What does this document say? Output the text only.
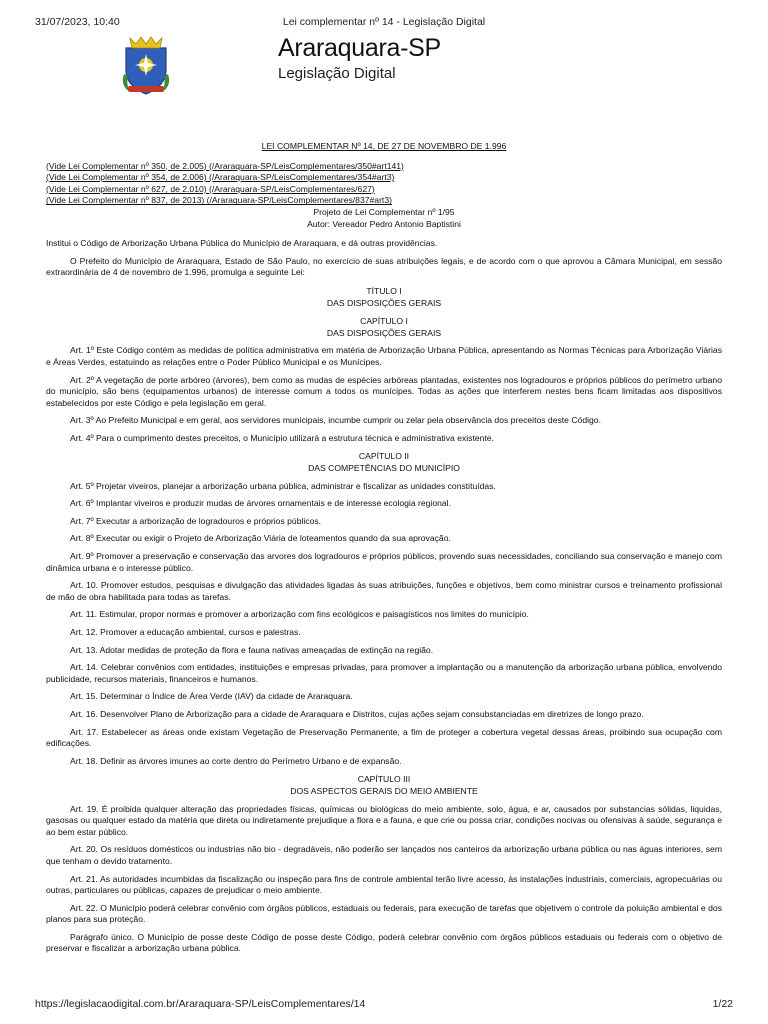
31/07/2023, 10:40	Lei complementar nº 14 - Legislação Digital
Araraquara-SP
Legislação Digital

LEI COMPLEMENTAR Nº 14, DE 27 DE NOVEMBRO DE 1.996

(Vide Lei Complementar nº 350, de 2.005) (/Araraquara-SP/LeisComplementares/350#art141)
(Vide Lei Complementar nº 354, de 2.006) (/Araraquara-SP/LeisComplementares/354#art3)
(Vide Lei Complementar nº 627, de 2.010) (/Araraquara-SP/LeisComplementares/627)
(Vide Lei Complementar nº 837, de 2013) (/Araraquara-SP/LeisComplementares/837#art3)

Projeto de Lei Complementar nº 1/95

Autor: Vereador Pedro Antonio Baptistini

Institui o Código de Arborização Urbana Pública do Município de Araraquara, e dá outras providências.

O Prefeito do Município de Araraquara, Estado de São Paulo, no exercício de suas atribuições legais, e de acordo com o que aprovou a Câmara Municipal, em sessão extraordinária de 4 de novembro de 1.996, promulga a seguinte Lei:

TÍTULO I

DAS DISPOSIÇÕES GERAIS

CAPÍTULO I

DAS DISPOSIÇÕES GERAIS

Art. 1º Este Código contém as medidas de política administrativa em matéria de Arborização Urbana Pública, apresentando as Normas Técnicas para Arborização Viárias e Áreas Verdes, estatuindo as relações entre o Poder Público Municipal e os Munícipes.

Art. 2º A vegetação de porte arbóreo (árvores), bem como as mudas de espécies arbóreas plantadas, existentes nos logradouros e próprios públicos do perímetro urbano do município, são bens (equipamentos urbanos) de interesse comum a todos os munícipes. Todas as ações que interferem nestes bens ficam limitadas aos dispositivos estabelecidos por este Código e pela legislação em geral.

Art. 3º Ao Prefeito Municipal e em geral, aos servidores municipais, incumbe cumprir ou zelar pela observância dos preceitos deste Código.

Art. 4º Para o cumprimento destes preceitos, o Município utilizará a estrutura técnica e administrativa existente.

CAPÍTULO II

DAS COMPETÊNCIAS DO MUNICÍPIO

Art. 5º Projetar viveiros, planejar a arborização urbana pública, administrar e fiscalizar as unidades constituídas.

Art. 6º Implantar viveiros e produzir mudas de árvores ornamentais e de interesse ecologia regional.

Art. 7º Executar a arborização de logradouros e próprios públicos.

Art. 8º Executar ou exigir o Projeto de Arborização Viária de loteamentos quando da sua aprovação.

Art. 9º Promover a preservação e conservação das arvores dos logradouros e próprios públicos, provendo suas necessidades, conciliando sua conservação e manejo com dinâmica urbana e o interesse público.

Art. 10. Promover estudos, pesquisas e divulgação das atividades ligadas às suas atribuições, funções e objetivos, bem como ministrar cursos e treinamento profissional de mão de obra habilitada para todas as tarefas.

Art. 11. Estimular, propor normas e promover a arborização com fins ecológicos e paisagísticos nos limites do município.

Art. 12. Promover a educação ambiental, cursos e palestras.

Art. 13. Adotar medidas de proteção da flora e fauna nativas ameaçadas de extinção na região.

Art. 14. Celebrar convênios com entidades, instituições e empresas privadas, para promover a implantação ou a manutenção da arborização urbana pública, envolvendo publicidade, recursos materiais, financeiros e humanos.

Art. 15. Determinar o Índice de Área Verde (IAV) da cidade de Araraquara.

Art. 16. Desenvolver Plano de Arborização para a cidade de Araraquara e Distritos, cujas ações sejam consubstanciadas em diretrizes de longo prazo.

Art. 17. Estabelecer as áreas onde existam Vegetação de Preservação Permanente, a fim de proteger a cobertura vegetal dessas áreas, proibindo sua ocupação com edificações.

Art. 18. Definir as árvores imunes ao corte dentro do Perímetro Urbano e de expansão.

CAPÍTULO III

DOS ASPECTOS GERAIS DO MEIO AMBIENTE

Art. 19. É proibida qualquer alteração das propriedades físicas, químicas ou biológicas do meio ambiente, solo, água, e ar, causados por substancias sólidas, liquidas, gasosas ou qualquer estado da matéria que direta ou indiretamente prejudique a flora e a fauna, e que crie ou possa criar, condições nocivas ou ofensivas à saúde, segurança e ao bem estar público.

Art. 20. Os resíduos domésticos ou industrias não bio - degradáveis, não poderão ser lançados nos canteiros da arborização urbana pública ou nas águas interiores, sem que tenham o devido tratamento.

Art. 21. As autoridades incumbidas da fiscalização ou inspeção para fins de controle ambiental terão livre acesso, às instalações industriais, comerciais, agropecuárias ou outras, particulares ou públicas, capazes de prejudicar o meio ambiente.

Art. 22. O Município poderá celebrar convênio com órgãos públicos, estaduais ou federais, para execução de tarefas que objetivem o controle da poluição ambiental e dos planos para sua proteção.

Parágrafo único. O Município de posse deste Código de posse deste Código, poderá celebrar convênio com órgãos públicos estaduais ou federais com o objetivo de preservar e fiscalizar a arborização urbana pública.

https://legislacaodigital.com.br/Araraquara-SP/LeisComplementares/14	1/22
